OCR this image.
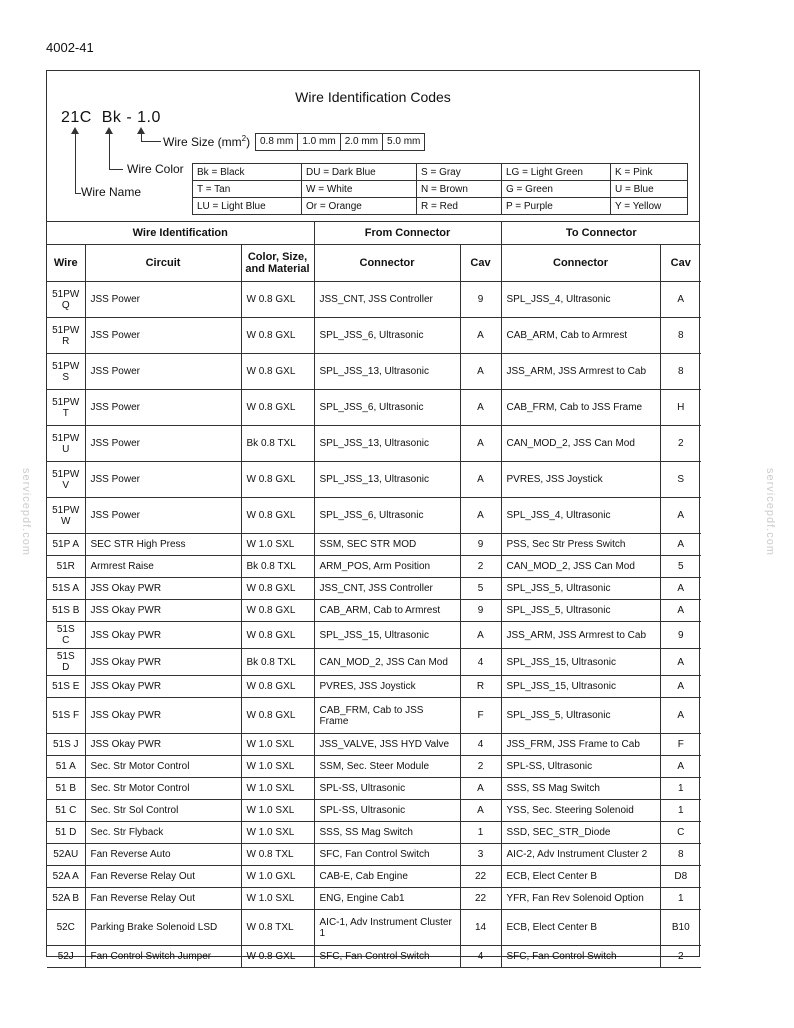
4002-41
servicepdf.com	servicepdf.com
Wire Identification Codes
21C Bk - 1.0
Wire Size $(mm^2)$ 0.8 mm 1.0 mm 2.0 mm 5.0 mm
Wire Color
Wire Name
Bk = Black	DU = Dark Blue	S = Gray	LG = Light Green	K = Pink
T = Tan	W = White	N = Brown	G = Green	U = Blue
LU = Light Blue	Or = Orange	R = Red	P = Purple	Y = Yellow
Wire Identification			From Connector		To Connector	
Wire	Circuit	Color, Size, and Material	Connector	Cav	Connector	Cav
51PW Q	JSS Power	W 0.8 GXL	JSS_CNT, JSS Controller	9	SPL_JSS_4, Ultrasonic	A
51PW R	JSS Power	W 0.8 GXL	SPL_JSS_6, Ultrasonic	A	CAB_ARM, Cab to Armrest	8
51PW S	JSS Power	W 0.8 GXL	SPL_JSS_13, Ultrasonic	A	JSS_ARM, JSS Armrest to Cab	8
51PW T	JSS Power	W 0.8 GXL	SPL_JSS_6, Ultrasonic	A	CAB_FRM, Cab to JSS Frame	H
51PW U	JSS Power	Bk 0.8 TXL	SPL_JSS_13, Ultrasonic	A	CAN_MOD_2, JSS Can Mod	2
51PW V	JSS Power	W 0.8 GXL	SPL_JSS_13, Ultrasonic	A	PVRES, JSS Joystick	S
51PW W	JSS Power	W 0.8 GXL	SPL_JSS_6, Ultrasonic	A	SPL_JSS_4, Ultrasonic	A
51P A	SEC STR High Press	W 1.0 SXL	SSM, SEC STR MOD	9	PSS, Sec Str Press Switch	A
51R	Armrest Raise	Bk 0.8 TXL	ARM_POS, Arm Position	2	CAN_MOD_2, JSS Can Mod	5
51S A	JSS Okay PWR	W 0.8 GXL	JSS_CNT, JSS Controller	5	SPL_JSS_5, Ultrasonic	A
51S B	JSS Okay PWR	W 0.8 GXL	CAB_ARM, Cab to Armrest	9	SPL_JSS_5, Ultrasonic	A
51S C	JSS Okay PWR	W 0.8 GXL	SPL_JSS_15, Ultrasonic	A	JSS_ARM, JSS Armrest to Cab	9
51S D	JSS Okay PWR	Bk 0.8 TXL	CAN_MOD_2, JSS Can Mod	4	SPL_JSS_15, Ultrasonic	A
51S E	JSS Okay PWR	W 0.8 GXL	PVRES, JSS Joystick	R	SPL_JSS_15, Ultrasonic	A
51S F	JSS Okay PWR	W 0.8 GXL	CAB_FRM, Cab to JSS Frame	F	SPL_JSS_5, Ultrasonic	A
51S J	JSS Okay PWR	W 1.0 SXL	JSS_VALVE, JSS HYD Valve	4	JSS_FRM, JSS Frame to Cab	F
51 A	Sec. Str Motor Control	W 1.0 SXL	SSM, Sec. Steer Module	2	SPL-SS, Ultrasonic	A
51 B	Sec. Str Motor Control	W 1.0 SXL	SPL-SS, Ultrasonic	A	SSS, SS Mag Switch	1
51 C	Sec. Str Sol Control	W 1.0 SXL	SPL-SS, Ultrasonic	A	YSS, Sec. Steering Solenoid	1
51 D	Sec. Str Flyback	W 1.0 SXL	SSS, SS Mag Switch	1	SSD, SEC_STR_Diode	C
52AU	Fan Reverse Auto	W 0.8 TXL	SFC, Fan Control Switch	3	AIC-2, Adv Instrument Cluster 2	8
52A A	Fan Reverse Relay Out	W 1.0 GXL	CAB-E, Cab Engine	22	ECB, Elect Center B	D8
52A B	Fan Reverse Relay Out	W 1.0 SXL	ENG, Engine Cab1	22	YFR, Fan Rev Solenoid Option	1
52C	Parking Brake Solenoid LSD	W 0.8 TXL	AIC-1, Adv Instrument Cluster 1	14	ECB, Elect Center B	B10
52J	Fan Control Switch Jumper	W 0.8 GXL	SFC, Fan Control Switch	4	SFC, Fan Control Switch	2
